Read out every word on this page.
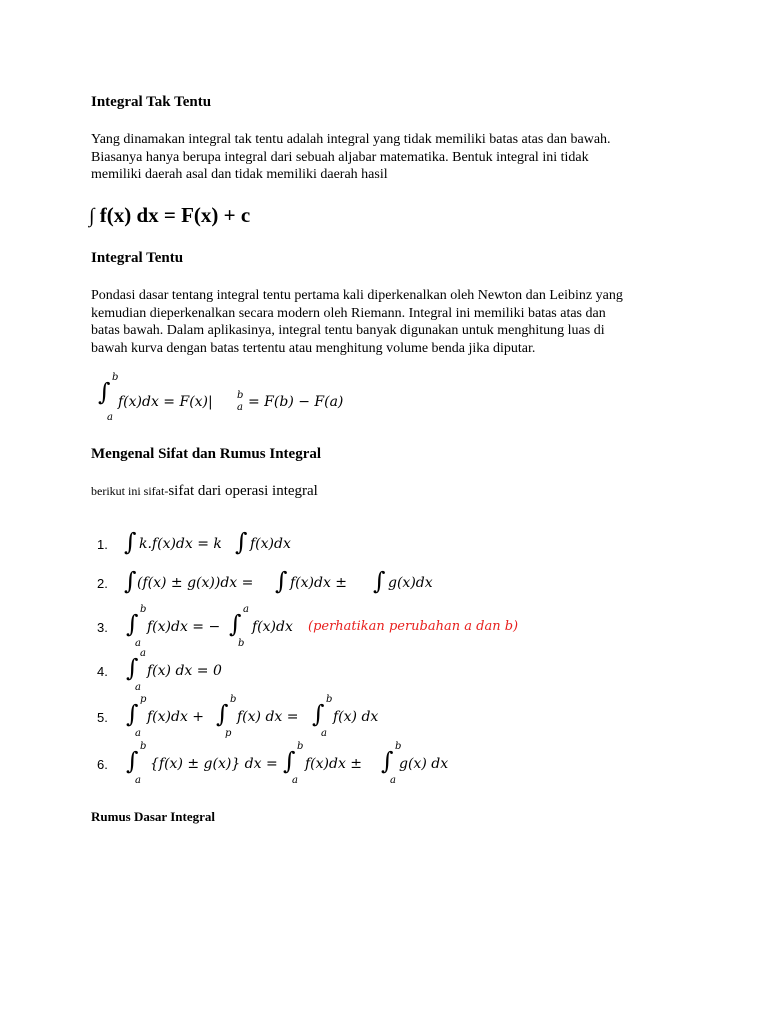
Integral Tak Tentu
Yang dinamakan integral tak tentu adalah integral yang tidak memiliki batas atas dan bawah.
Biasanya hanya berupa integral dari sebuah aljabar matematika. Bentuk integral ini tidak
memiliki daerah asal dan tidak memiliki daerah hasil
∫ f(x) dx = F(x) + c
Integral Tentu
Pondasi dasar tentang integral tentu pertama kali diperkenalkan oleh Newton dan Leibinz yang
kemudian dieperkenalkan secara modern oleh Riemann. Integral ini memiliki batas atas dan
batas bawah. Dalam aplikasinya, integral tentu banyak digunakan untuk menghitung luas di
bawah kurva dengan batas tertentu atau menghitung volume benda jika diputar.
∫
b
a
f(x)dx = F(x)| b
a = F(b) − F(a)
Mengenal Sifat dan Rumus Integral
berikut ini sifat-sifat dari operasi integral
1. ∫ k.f(x)dx = k ∫ f(x)dx
2. ∫ (f(x) ± g(x))dx = ∫ f(x)dx ± ∫ g(x)dx
3. ∫
b
a
f(x)dx = − ∫
a
b
f(x)dx (perhatikan perubahan a dan b)
4. ∫
a
a
f(x) dx = 0
5. ∫
p
a
f(x)dx + ∫
b
p
f(x) dx = ∫
b
a
f(x) dx
6. ∫
b
a
{f(x) ± g(x)} dx = ∫
b
a
f(x)dx ± ∫
b
a
g(x) dx
Rumus Dasar Integral
